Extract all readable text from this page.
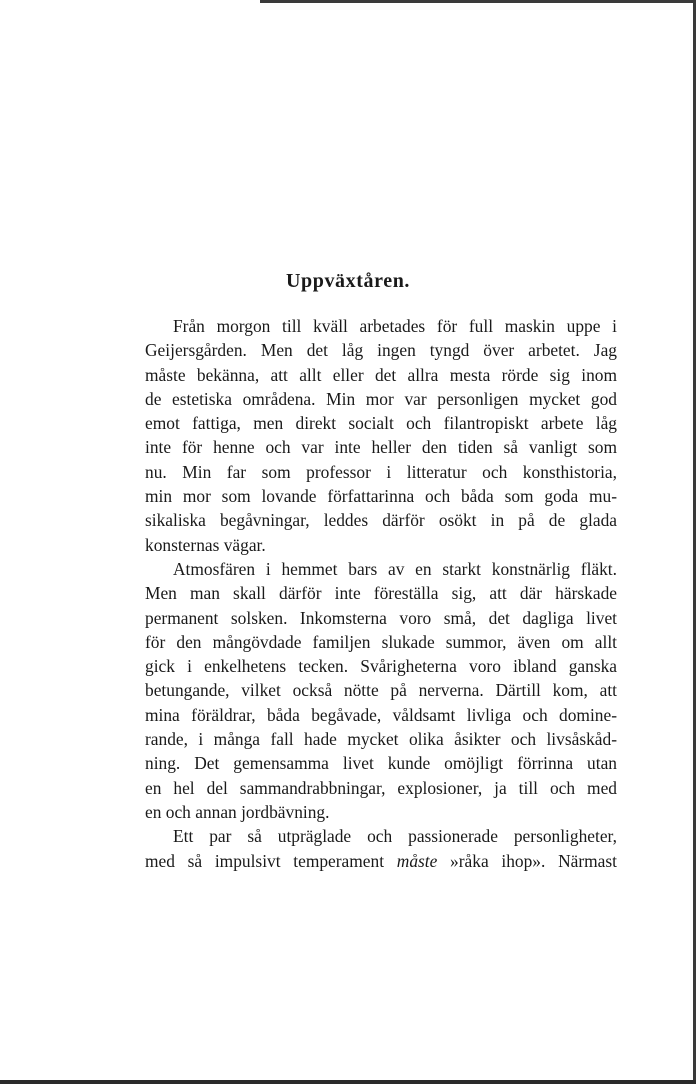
Uppväxtåren.
Från morgon till kväll arbetades för full maskin uppe i
Geijersgården. Men det låg ingen tyngd över arbetet. Jag
måste bekänna, att allt eller det allra mesta rörde sig inom
de estetiska områdena. Min mor var personligen mycket god
emot fattiga, men direkt socialt och filantropiskt arbete låg
inte för henne och var inte heller den tiden så vanligt som
nu. Min far som professor i litteratur och konsthistoria,
min mor som lovande författarinna och båda som goda mu-
sikaliska begåvningar, leddes därför osökt in på de glada
konsternas vägar.
Atmosfären i hemmet bars av en starkt konstnärlig fläkt.
Men man skall därför inte föreställa sig, att där härskade
permanent solsken. Inkomsterna voro små, det dagliga livet
för den mångövdade familjen slukade summor, även om allt
gick i enkelhetens tecken. Svårigheterna voro ibland ganska
betungande, vilket också nötte på nerverna. Därtill kom, att
mina föräldrar, båda begåvade, våldsamt livliga och domine-
rande, i många fall hade mycket olika åsikter och livsåskåd-
ning. Det gemensamma livet kunde omöjligt förrinna utan
en hel del sammandrabbningar, explosioner, ja till och med
en och annan jordbävning.
Ett par så utpräglade och passionerade personligheter,
med så impulsivt temperament måste »råka ihop». Närmast
